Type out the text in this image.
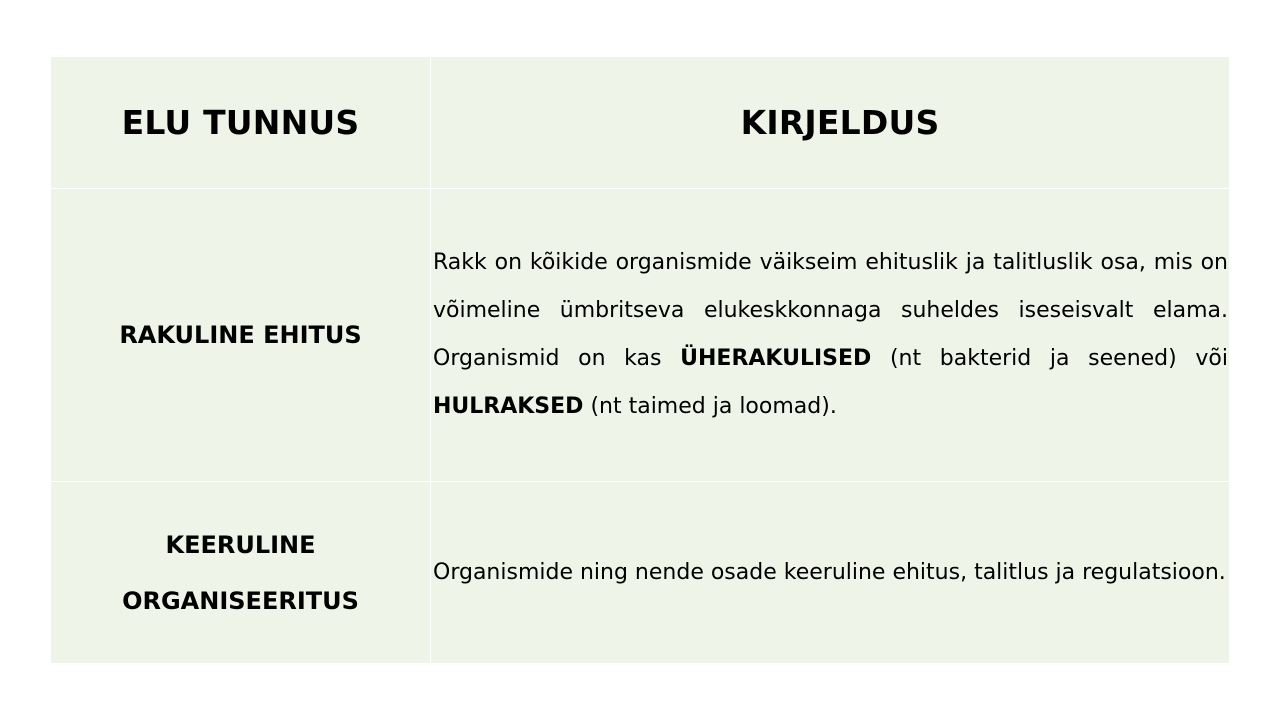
ELU TUNNUS	KIRJELDUS
RAKULINE EHITUS
Rakk on kõikide organismide väikseim ehituslik ja talitluslik osa, mis on võimeline ümbritseva elukeskkonnaga suheldes iseseisvalt elama. Organismid on kas ÜHERAKULISED (nt bakterid ja seened) või HULRAKSED (nt taimed ja loomad).
KEERULINE
ORGANISEERITUS
Organismide ning nende osade keeruline ehitus, talitlus ja regulatsioon.
